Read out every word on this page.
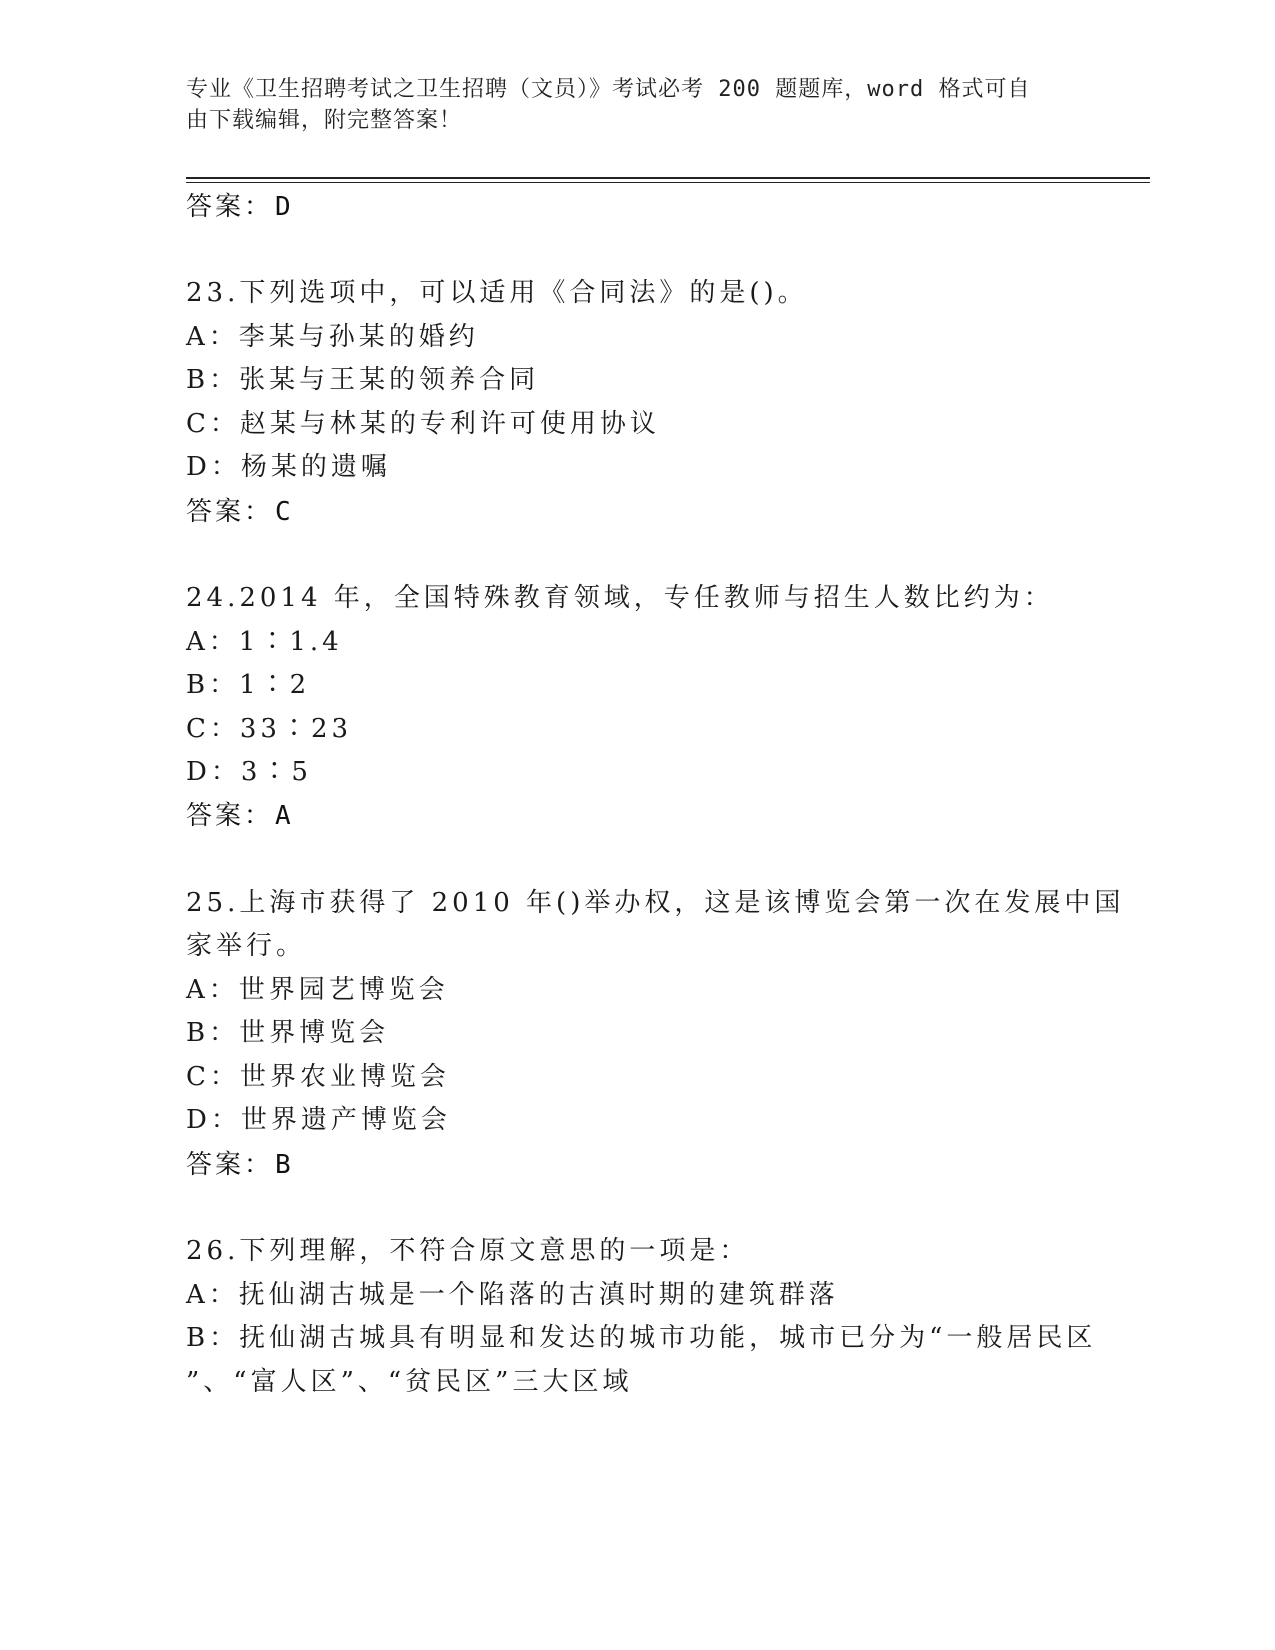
专业《卫生招聘考试之卫生招聘（文员）》考试必考 200 题题库，word 格式可自
由下载编辑，附完整答案！
答案：D
23.下列选项中，可以适用《合同法》的是()。
A：李某与孙某的婚约
B：张某与王某的领养合同
C：赵某与林某的专利许可使用协议
D：杨某的遗嘱
答案：C
24.2014 年，全国特殊教育领域，专任教师与招生人数比约为：
A：1∶1.4
B：1∶2
C：33∶23
D：3∶5
答案：A
25.上海市获得了 2010 年()举办权，这是该博览会第一次在发展中国
家举行。
A：世界园艺博览会
B：世界博览会
C：世界农业博览会
D：世界遗产博览会
答案：B
26.下列理解，不符合原文意思的一项是：
A：抚仙湖古城是一个陷落的古滇时期的建筑群落
B：抚仙湖古城具有明显和发达的城市功能，城市已分为“一般居民区
”、“富人区”、“贫民区”三大区域
